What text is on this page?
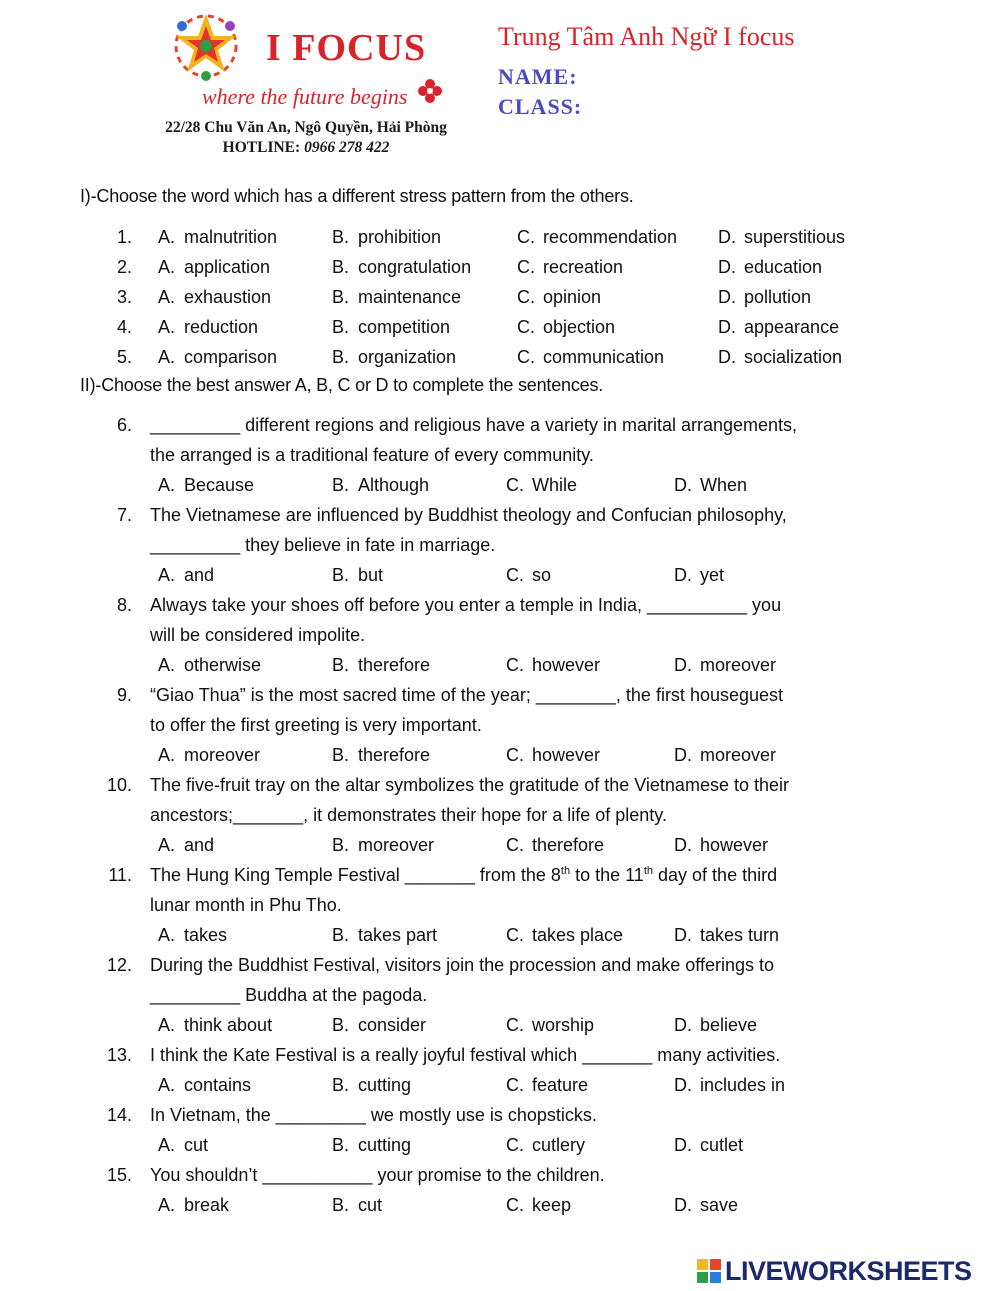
I FOCUS
where the future begins
22/28 Chu Văn An, Ngô Quyền, Hải Phòng
HOTLINE: 0966 278 422
Trung Tâm Anh Ngữ I focus
NAME:
CLASS:
I)-Choose the word which has a different stress pattern from the others.
1. A. malnutrition	B. prohibition	C. recommendation D. superstitious
2. A. application	B. congratulation	C. recreation	D. education
3. A. exhaustion	B. maintenance	C. opinion	D. pollution
4. A. reduction	B. competition	C. objection	D. appearance
5. A. comparison	B. organization	C. communication	D. socialization
II)-Choose the best answer A, B, C or D to complete the sentences.
6. _________ different regions and religious have a variety in marital arrangements,
the arranged is a traditional feature of every community.
A. Because	B. Although	C. While	D. When
7. The Vietnamese are influenced by Buddhist theology and Confucian philosophy,
_________ they believe in fate in marriage.
A. and	B. but	C. so	D. yet
8. Always take your shoes off before you enter a temple in India, __________ you
will be considered impolite.
A. otherwise	B. therefore	C. however	D. moreover
9. “Giao Thua” is the most sacred time of the year; ________, the first houseguest
to offer the first greeting is very important.
A. moreover	B. therefore	C. however	D. moreover
10. The five-fruit tray on the altar symbolizes the gratitude of the Vietnamese to their
ancestors;_______, it demonstrates their hope for a life of plenty.
A. and	B. moreover	C. therefore	D. however
11. The Hung King Temple Festival _______ from the 8th to the 11th day of the third
lunar month in Phu Tho.
A. takes	B. takes part	C. takes place	D. takes turn
12. During the Buddhist Festival, visitors join the procession and make offerings to
_________ Buddha at the pagoda.
A. think about	B. consider	C. worship	D. believe
13. I think the Kate Festival is a really joyful festival which _______ many activities.
A. contains	B. cutting	C. feature	D. includes in
14. In Vietnam, the _________ we mostly use is chopsticks.
A. cut	B. cutting	C. cutlery	D. cutlet
15. You shouldn’t ___________ your promise to the children.
A. break	B. cut	C. keep	D. save
LIVEWORKSHEETS
